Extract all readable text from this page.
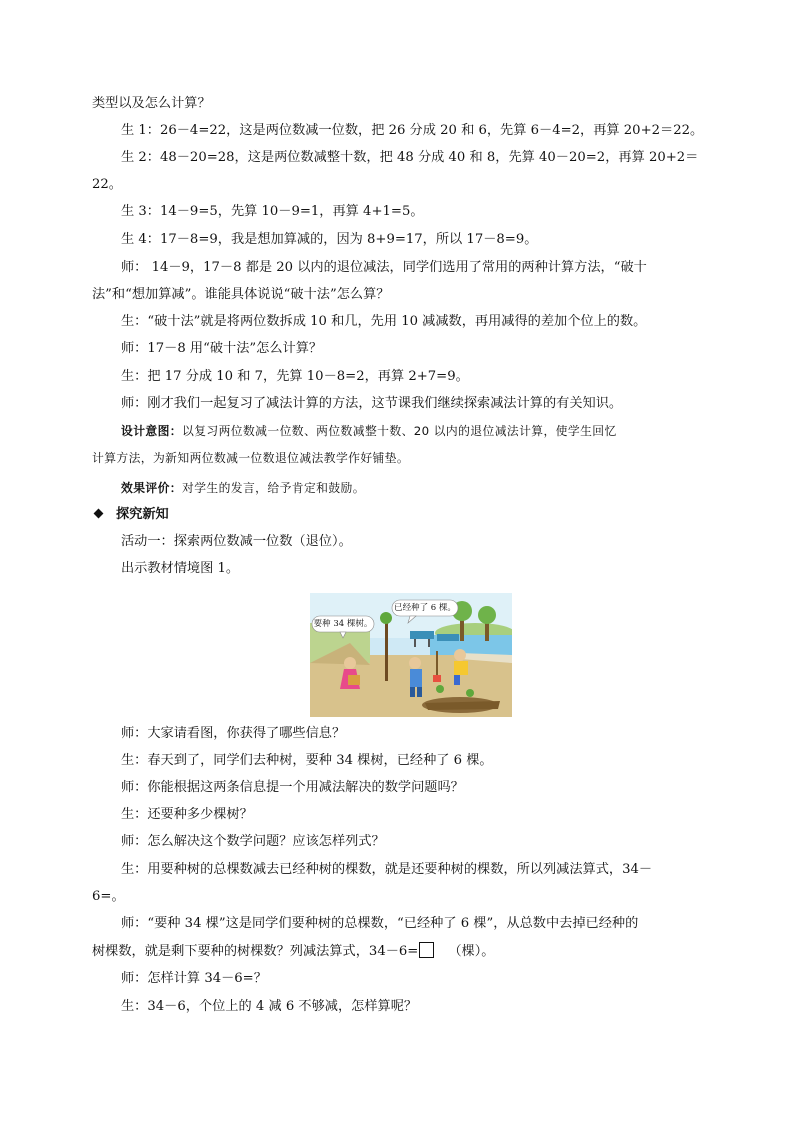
类型以及怎么计算？
生 1：26－4=22，这是两位数减一位数，把 26 分成 20 和 6，先算 6－4=2，再算 20+2＝22。
生 2：48－20=28，这是两位数减整十数，把 48 分成 40 和 8，先算 40－20=2，再算 20+2＝
22。
生 3：14－9=5，先算 10－9=1，再算 4+1=5。
生 4：17－8=9，我是想加算减的，因为 8+9=17，所以 17－8=9。
师： 14－9，17－8 都是 20 以内的退位减法，同学们选用了常用的两种计算方法，“破十
法”和“想加算减”。谁能具体说说“破十法”怎么算？
生：“破十法”就是将两位数拆成 10 和几，先用 10 减减数，再用减得的差加个位上的数。
师：17－8 用“破十法”怎么计算？
生：把 17 分成 10 和 7，先算 10－8=2，再算 2+7=9。
师：刚才我们一起复习了减法计算的方法，这节课我们继续探索减法计算的有关知识。
设计意图：以复习两位数减一位数、两位数减整十数、20 以内的退位减法计算，使学生回忆
计算方法，为新知两位数减一位数退位减法教学作好铺垫。
效果评价：对学生的发言，给予肯定和鼓励。
探究新知
活动一：探索两位数减一位数（退位）。
出示教材情境图 1。
要种 34 棵树。
已经种了 6 棵。
师：大家请看图，你获得了哪些信息？
生：春天到了，同学们去种树，要种 34 棵树，已经种了 6 棵。
师：你能根据这两条信息提一个用减法解决的数学问题吗？
生：还要种多少棵树？
师：怎么解决这个数学问题？应该怎样列式？
生：用要种树的总棵数减去已经种树的棵数，就是还要种树的棵数，所以列减法算式，34－
6=。
师：“要种 34 棵”这是同学们要种树的总棵数，“已经种了 6 棵”，从总数中去掉已经种的
树棵数，就是剩下要种的树棵数？列减法算式，34－6= （棵）。
师：怎样计算 34－6=？
生：34－6，个位上的 4 减 6 不够减，怎样算呢？
